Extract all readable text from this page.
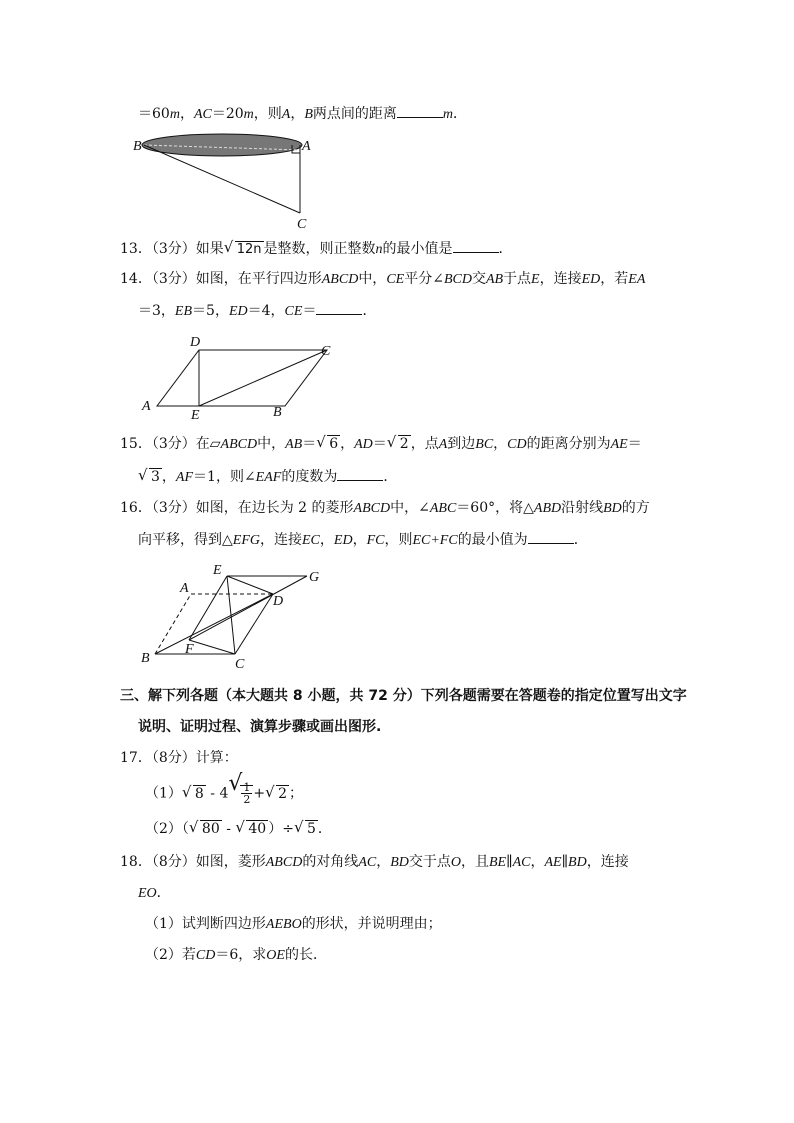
＝60m，AC＝20m，则A，B两点间的距离	m．
B	A
C
13．（3分）如果 √ 12n 是整数，则正整数n的最小值是	．
14．（3分）如图，在平行四边形ABCD中，CE平分∠BCD交AB于点E，连接ED，若EA
＝3，EB＝5，ED＝4，CE＝	．
D
C
A
E	B
15．（3分）在▱ABCD中，AB＝ √ 6 ，AD＝ √ 2 ，点A到边BC，CD的距离分别为AE＝
√ 3 ，AF＝1，则∠EAF的度数为	．
16．（3分）如图，在边长为 2 的菱形ABCD中，∠ABC＝60°，将△ABD沿射线BD的方
向平移，得到△EFG，连接EC，ED，FC，则EC+FC的最小值为	．
E	G
A
D
F
B	C
三、解下列各题（本大题共 8 小题，共 72 分）下列各题需要在答题卷的指定位置写出文字
说明、证明过程、演算步骤或画出图形.
17．（8分）计算：
（1） √ 8 - 4 √
$\frac{1}{2}$ + √ 2 ；
（2）（ √ 80 - √ 40 ）÷ √ 5 ．
18．（8分）如图，菱形ABCD的对角线AC，BD交于点O，且BE∥AC，AE∥BD，连接
EO．
（1）试判断四边形AEBO的形状，并说明理由；
（2）若CD＝6，求OE的长．
